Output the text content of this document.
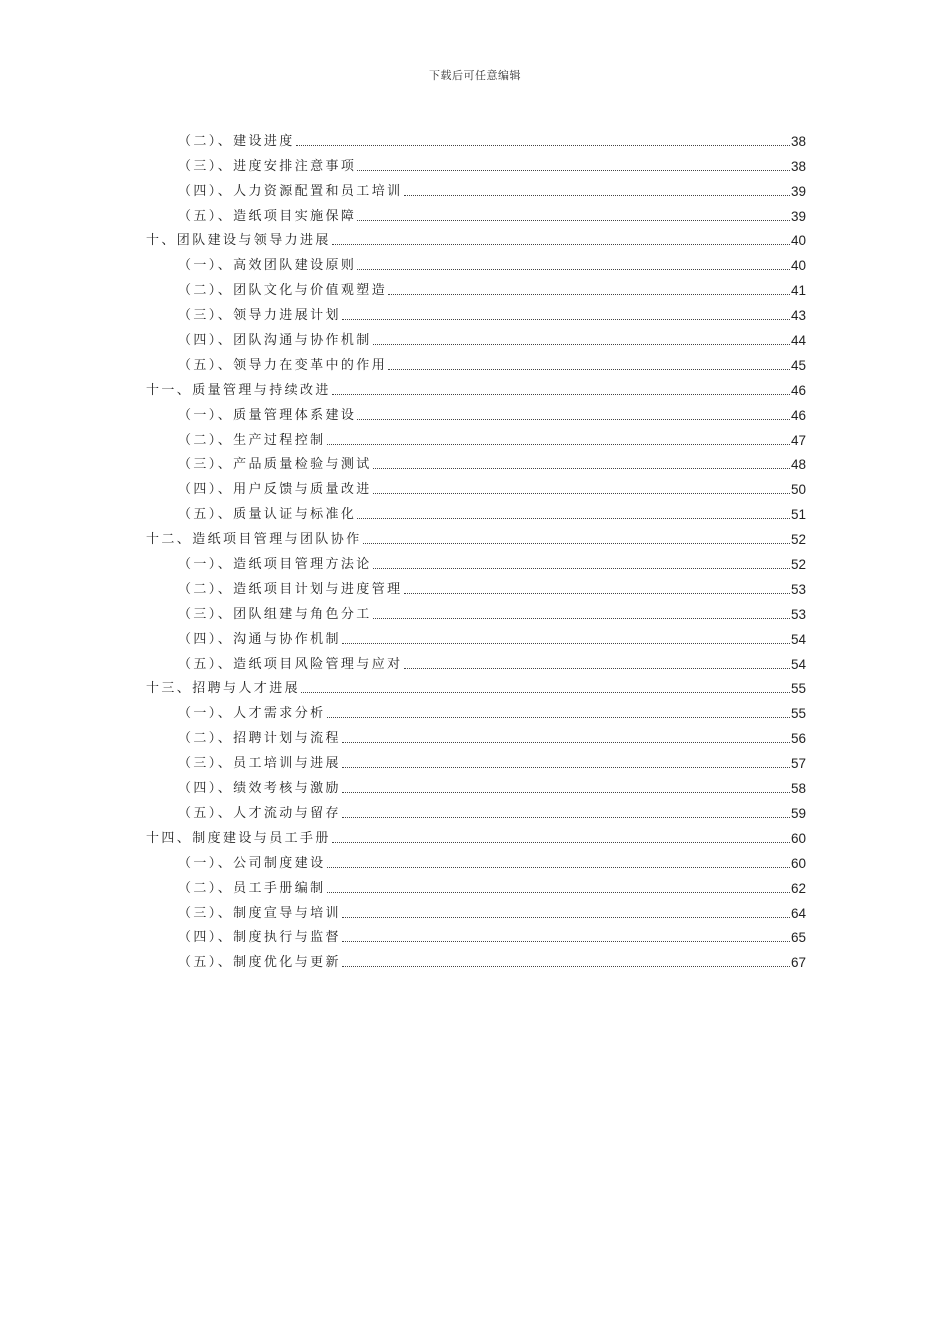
下载后可任意编辑
（二）、建设进度	38
（三）、进度安排注意事项	38
（四）、人力资源配置和员工培训	39
（五）、造纸项目实施保障	39
十、团队建设与领导力进展	40
（一）、高效团队建设原则	40
（二）、团队文化与价值观塑造	41
（三）、领导力进展计划	43
（四）、团队沟通与协作机制	44
（五）、领导力在变革中的作用	45
十一、质量管理与持续改进	46
（一）、质量管理体系建设	46
（二）、生产过程控制	47
（三）、产品质量检验与测试	48
（四）、用户反馈与质量改进	50
（五）、质量认证与标准化	51
十二、造纸项目管理与团队协作	52
（一）、造纸项目管理方法论	52
（二）、造纸项目计划与进度管理	53
（三）、团队组建与角色分工	53
（四）、沟通与协作机制	54
（五）、造纸项目风险管理与应对	54
十三、招聘与人才进展	55
（一）、人才需求分析	55
（二）、招聘计划与流程	56
（三）、员工培训与进展	57
（四）、绩效考核与激励	58
（五）、人才流动与留存	59
十四、制度建设与员工手册	60
（一）、公司制度建设	60
（二）、员工手册编制	62
（三）、制度宣导与培训	64
（四）、制度执行与监督	65
（五）、制度优化与更新	67
